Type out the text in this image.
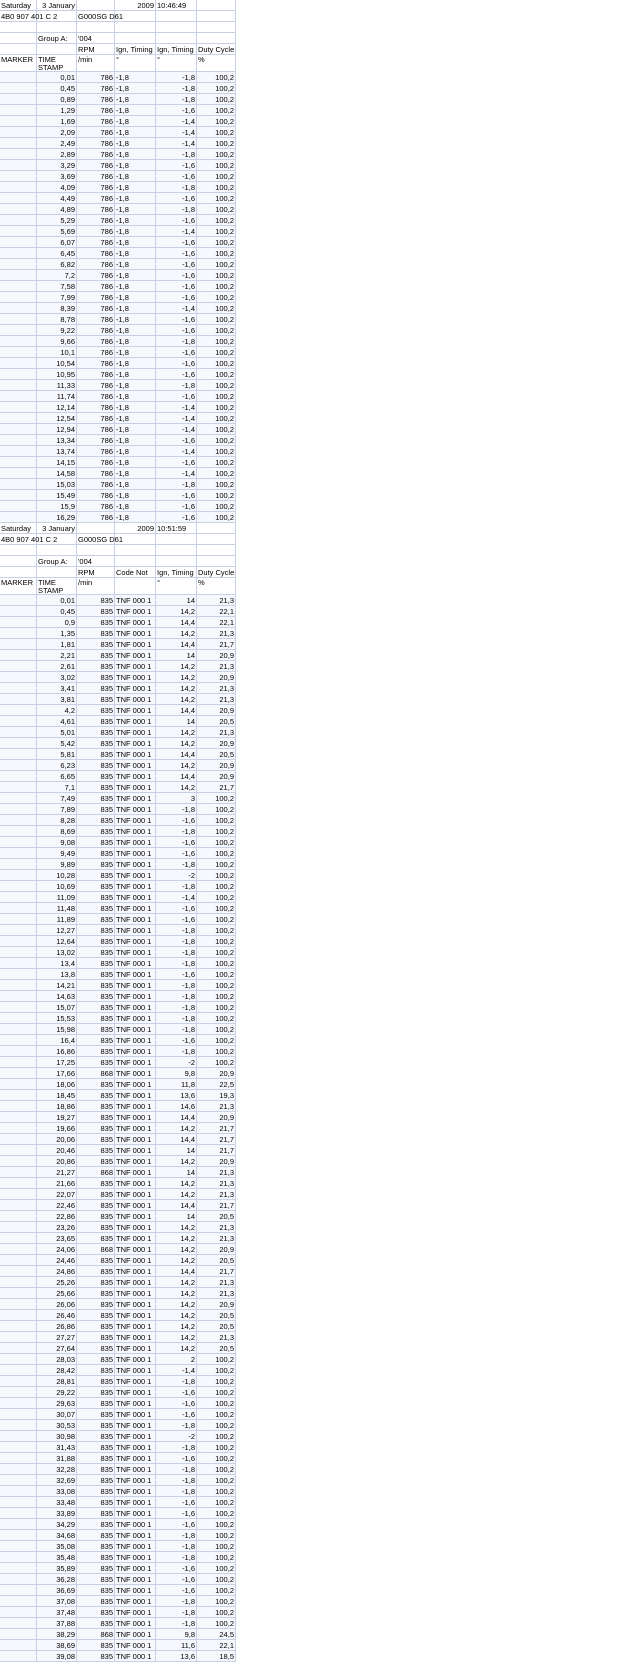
Saturday	3 January	2009 10:46:49
4B0 907 401 C 2	G000SG D61
Group A:	'004
RPM	Ign, Timing Ign, Timing Duty Cycle
MARKER TIME STAMP
/min	°	°	%
0,01	786 -1,8	-1,8	100,2
0,45	786 -1,8	-1,8	100,2
0,89	786 -1,8	-1,8	100,2
1,29	786 -1,8	-1,6	100,2
1,69	786 -1,8	-1,4	100,2
2,09	786 -1,8	-1,4	100,2
2,49	786 -1,8	-1,4	100,2
2,89	786 -1,8	-1,8	100,2
3,29	786 -1,8	-1,6	100,2
3,69	786 -1,8	-1,6	100,2
4,09	786 -1,8	-1,8	100,2
4,49	786 -1,8	-1,6	100,2
4,89	786 -1,8	-1,8	100,2
5,29	786 -1,8	-1,6	100,2
5,69	786 -1,8	-1,4	100,2
6,07	786 -1,8	-1,6	100,2
6,45	786 -1,8	-1,6	100,2
6,82	786 -1,8	-1,6	100,2
7,2	786 -1,8	-1,6	100,2
7,58	786 -1,8	-1,6	100,2
7,99	786 -1,8	-1,6	100,2
8,39	786 -1,8	-1,4	100,2
8,78	786 -1,8	-1,6	100,2
9,22	786 -1,8	-1,6	100,2
9,66	786 -1,8	-1,8	100,2
10,1	786 -1,8	-1,6	100,2
10,54	786 -1,8	-1,6	100,2
10,95	786 -1,8	-1,6	100,2
11,33	786 -1,8	-1,8	100,2
11,74	786 -1,8	-1,6	100,2
12,14	786 -1,8	-1,4	100,2
12,54	786 -1,8	-1,4	100,2
12,94	786 -1,8	-1,4	100,2
13,34	786 -1,8	-1,6	100,2
13,74	786 -1,8	-1,4	100,2
14,15	786 -1,8	-1,6	100,2
14,58	786 -1,8	-1,4	100,2
15,03	786 -1,8	-1,8	100,2
15,49	786 -1,8	-1,6	100,2
15,9	786 -1,8	-1,6	100,2
16,29	786 -1,8	-1,6	100,2
Saturday	3 January	2009 10:51:59
4B0 907 401 C 2	G000SG D61
Group A:	'004
RPM	Code Not	Ign, Timing Duty Cycle
MARKER TIME STAMP
/min	°	%
0,01	835 TNF 000 1	14	21,3
0,45	835 TNF 000 1	14,2	22,1
0,9	835 TNF 000 1	14,4	22,1
1,35	835 TNF 000 1	14,2	21,3
1,81	835 TNF 000 1	14,4	21,7
2,21	835 TNF 000 1	14	20,9
2,61	835 TNF 000 1	14,2	21,3
3,02	835 TNF 000 1	14,2	20,9
3,41	835 TNF 000 1	14,2	21,3
3,81	835 TNF 000 1	14,2	21,3
4,2	835 TNF 000 1	14,4	20,9
4,61	835 TNF 000 1	14	20,5
5,01	835 TNF 000 1	14,2	21,3
5,42	835 TNF 000 1	14,2	20,9
5,81	835 TNF 000 1	14,4	20,5
6,23	835 TNF 000 1	14,2	20,9
6,65	835 TNF 000 1	14,4	20,9
7,1	835 TNF 000 1	14,2	21,7
7,49	835 TNF 000 1	3	100,2
7,89	835 TNF 000 1	-1,8	100,2
8,28	835 TNF 000 1	-1,6	100,2
8,69	835 TNF 000 1	-1,8	100,2
9,08	835 TNF 000 1	-1,6	100,2
9,49	835 TNF 000 1	-1,6	100,2
9,89	835 TNF 000 1	-1,8	100,2
10,28	835 TNF 000 1	-2	100,2
10,69	835 TNF 000 1	-1,8	100,2
11,09	835 TNF 000 1	-1,4	100,2
11,48	835 TNF 000 1	-1,6	100,2
11,89	835 TNF 000 1	-1,6	100,2
12,27	835 TNF 000 1	-1,8	100,2
12,64	835 TNF 000 1	-1,8	100,2
13,02	835 TNF 000 1	-1,8	100,2
13,4	835 TNF 000 1	-1,8	100,2
13,8	835 TNF 000 1	-1,6	100,2
14,21	835 TNF 000 1	-1,8	100,2
14,63	835 TNF 000 1	-1,8	100,2
15,07	835 TNF 000 1	-1,8	100,2
15,53	835 TNF 000 1	-1,8	100,2
15,98	835 TNF 000 1	-1,8	100,2
16,4	835 TNF 000 1	-1,6	100,2
16,86	835 TNF 000 1	-1,8	100,2
17,25	835 TNF 000 1	-2	100,2
17,66	868 TNF 000 1	9,8	20,9
18,06	835 TNF 000 1	11,8	22,5
18,45	835 TNF 000 1	13,6	19,3
18,86	835 TNF 000 1	14,6	21,3
19,27	835 TNF 000 1	14,4	20,9
19,66	835 TNF 000 1	14,2	21,7
20,06	835 TNF 000 1	14,4	21,7
20,46	835 TNF 000 1	14	21,7
20,86	835 TNF 000 1	14,2	20,9
21,27	868 TNF 000 1	14	21,3
21,66	835 TNF 000 1	14,2	21,3
22,07	835 TNF 000 1	14,2	21,3
22,46	835 TNF 000 1	14,4	21,7
22,86	835 TNF 000 1	14	20,5
23,26	835 TNF 000 1	14,2	21,3
23,65	835 TNF 000 1	14,2	21,3
24,06	868 TNF 000 1	14,2	20,9
24,46	835 TNF 000 1	14,2	20,5
24,86	835 TNF 000 1	14,4	21,7
25,26	835 TNF 000 1	14,2	21,3
25,66	835 TNF 000 1	14,2	21,3
26,06	835 TNF 000 1	14,2	20,9
26,46	835 TNF 000 1	14,2	20,5
26,86	835 TNF 000 1	14,2	20,5
27,27	835 TNF 000 1	14,2	21,3
27,64	835 TNF 000 1	14,2	20,5
28,03	835 TNF 000 1	2	100,2
28,42	835 TNF 000 1	-1,4	100,2
28,81	835 TNF 000 1	-1,8	100,2
29,22	835 TNF 000 1	-1,6	100,2
29,63	835 TNF 000 1	-1,6	100,2
30,07	835 TNF 000 1	-1,6	100,2
30,53	835 TNF 000 1	-1,8	100,2
30,98	835 TNF 000 1	-2	100,2
31,43	835 TNF 000 1	-1,8	100,2
31,88	835 TNF 000 1	-1,6	100,2
32,28	835 TNF 000 1	-1,8	100,2
32,69	835 TNF 000 1	-1,8	100,2
33,08	835 TNF 000 1	-1,8	100,2
33,48	835 TNF 000 1	-1,6	100,2
33,89	835 TNF 000 1	-1,6	100,2
34,29	835 TNF 000 1	-1,6	100,2
34,68	835 TNF 000 1	-1,8	100,2
35,08	835 TNF 000 1	-1,8	100,2
35,48	835 TNF 000 1	-1,8	100,2
35,89	835 TNF 000 1	-1,6	100,2
36,28	835 TNF 000 1	-1,6	100,2
36,69	835 TNF 000 1	-1,6	100,2
37,08	835 TNF 000 1	-1,8	100,2
37,48	835 TNF 000 1	-1,8	100,2
37,88	835 TNF 000 1	-1,8	100,2
38,29	868 TNF 000 1	9,8	24,5
38,69	835 TNF 000 1	11,6	22,1
39,08	835 TNF 000 1	13,6	18,5
